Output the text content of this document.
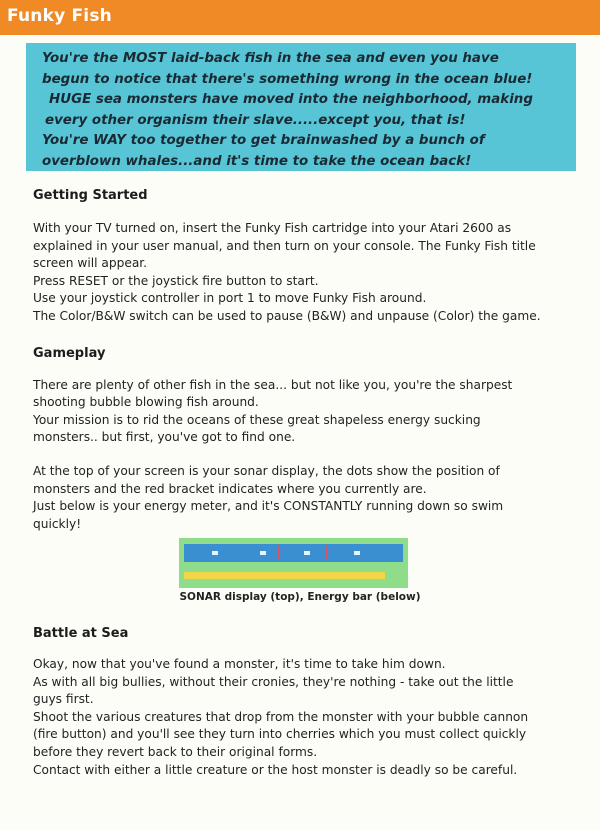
Funky Fish
You're the MOST laid-back fish in the sea and even you have
begun to notice that there's something wrong in the ocean blue!
HUGE sea monsters have moved into the neighborhood, making
every other organism their slave.....except you, that is!
You're WAY too together to get brainwashed by a bunch of
overblown whales...and it's time to take the ocean back!
Getting Started
With your TV turned on, insert the Funky Fish cartridge into your Atari 2600 as
explained in your user manual, and then turn on your console. The Funky Fish title
screen will appear.
Press RESET or the joystick fire button to start.
Use your joystick controller in port 1 to move Funky Fish around.
The Color/B&W switch can be used to pause (B&W) and unpause (Color) the game.
Gameplay
There are plenty of other fish in the sea... but not like you, you're the sharpest
shooting bubble blowing fish around.
Your mission is to rid the oceans of these great shapeless energy sucking
monsters.. but first, you've got to find one.
At the top of your screen is your sonar display, the dots show the position of
monsters and the red bracket indicates where you currently are.
Just below is your energy meter, and it's CONSTANTLY running down so swim
quickly!
SONAR display (top), Energy bar (below)
Battle at Sea
Okay, now that you've found a monster, it's time to take him down.
As with all big bullies, without their cronies, they're nothing - take out the little
guys first.
Shoot the various creatures that drop from the monster with your bubble cannon
(fire button) and you'll see they turn into cherries which you must collect quickly
before they revert back to their original forms.
Contact with either a little creature or the host monster is deadly so be careful.
